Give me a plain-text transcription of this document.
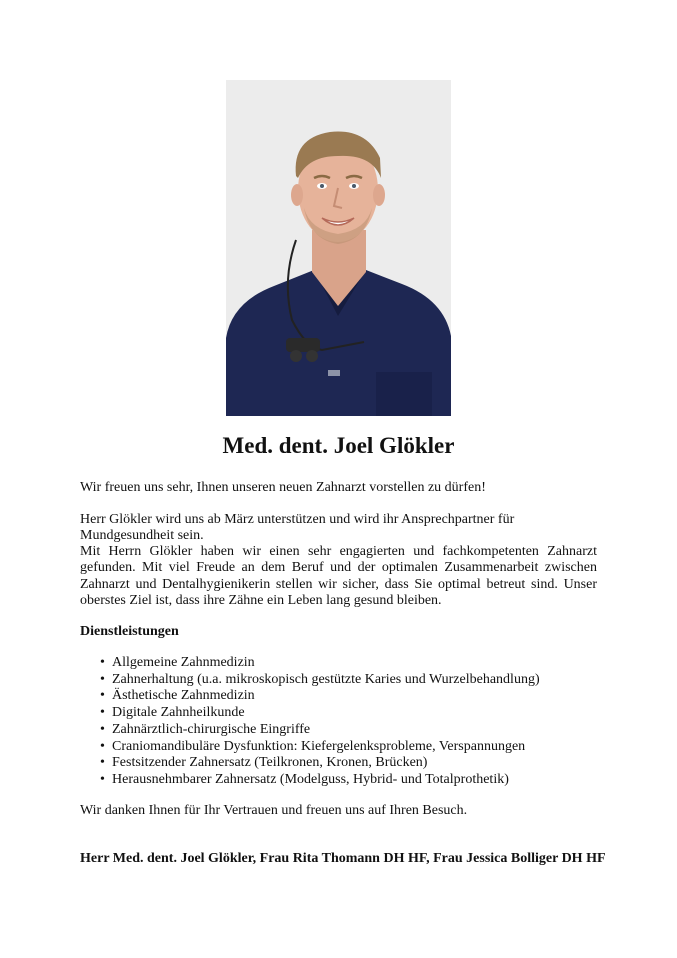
Med. dent. Joel Glökler

Wir freuen uns sehr, Ihnen unseren neuen Zahnarzt vorstellen zu dürfen!

Herr Glökler wird uns ab März unterstützen und wird ihr Ansprechpartner für Mundgesundheit sein.

Mit Herrn Glökler haben wir einen sehr engagierten und fachkompetenten Zahnarzt gefunden. Mit viel Freude an dem Beruf und der optimalen Zusammenarbeit zwischen Zahnarzt und Dentalhygienikerin stellen wir sicher, dass Sie optimal betreut sind. Unser oberstes Ziel ist, dass ihre Zähne ein Leben lang gesund bleiben.

Dienstleistungen

• Allgemeine Zahnmedizin
• Zahnerhaltung (u.a. mikroskopisch gestützte Karies und Wurzelbehandlung)
• Ästhetische Zahnmedizin
• Digitale Zahnheilkunde
• Zahnärztlich-chirurgische Eingriffe
• Craniomandibuläre Dysfunktion: Kiefergelenksprobleme, Verspannungen
• Festsitzender Zahnersatz (Teilkronen, Kronen, Brücken)
• Herausnehmbarer Zahnersatz (Modelguss, Hybrid- und Totalprothetik)

Wir danken Ihnen für Ihr Vertrauen und freuen uns auf Ihren Besuch.

Herr Med. dent. Joel Glökler, Frau Rita Thomann DH HF, Frau Jessica Bolliger DH HF
